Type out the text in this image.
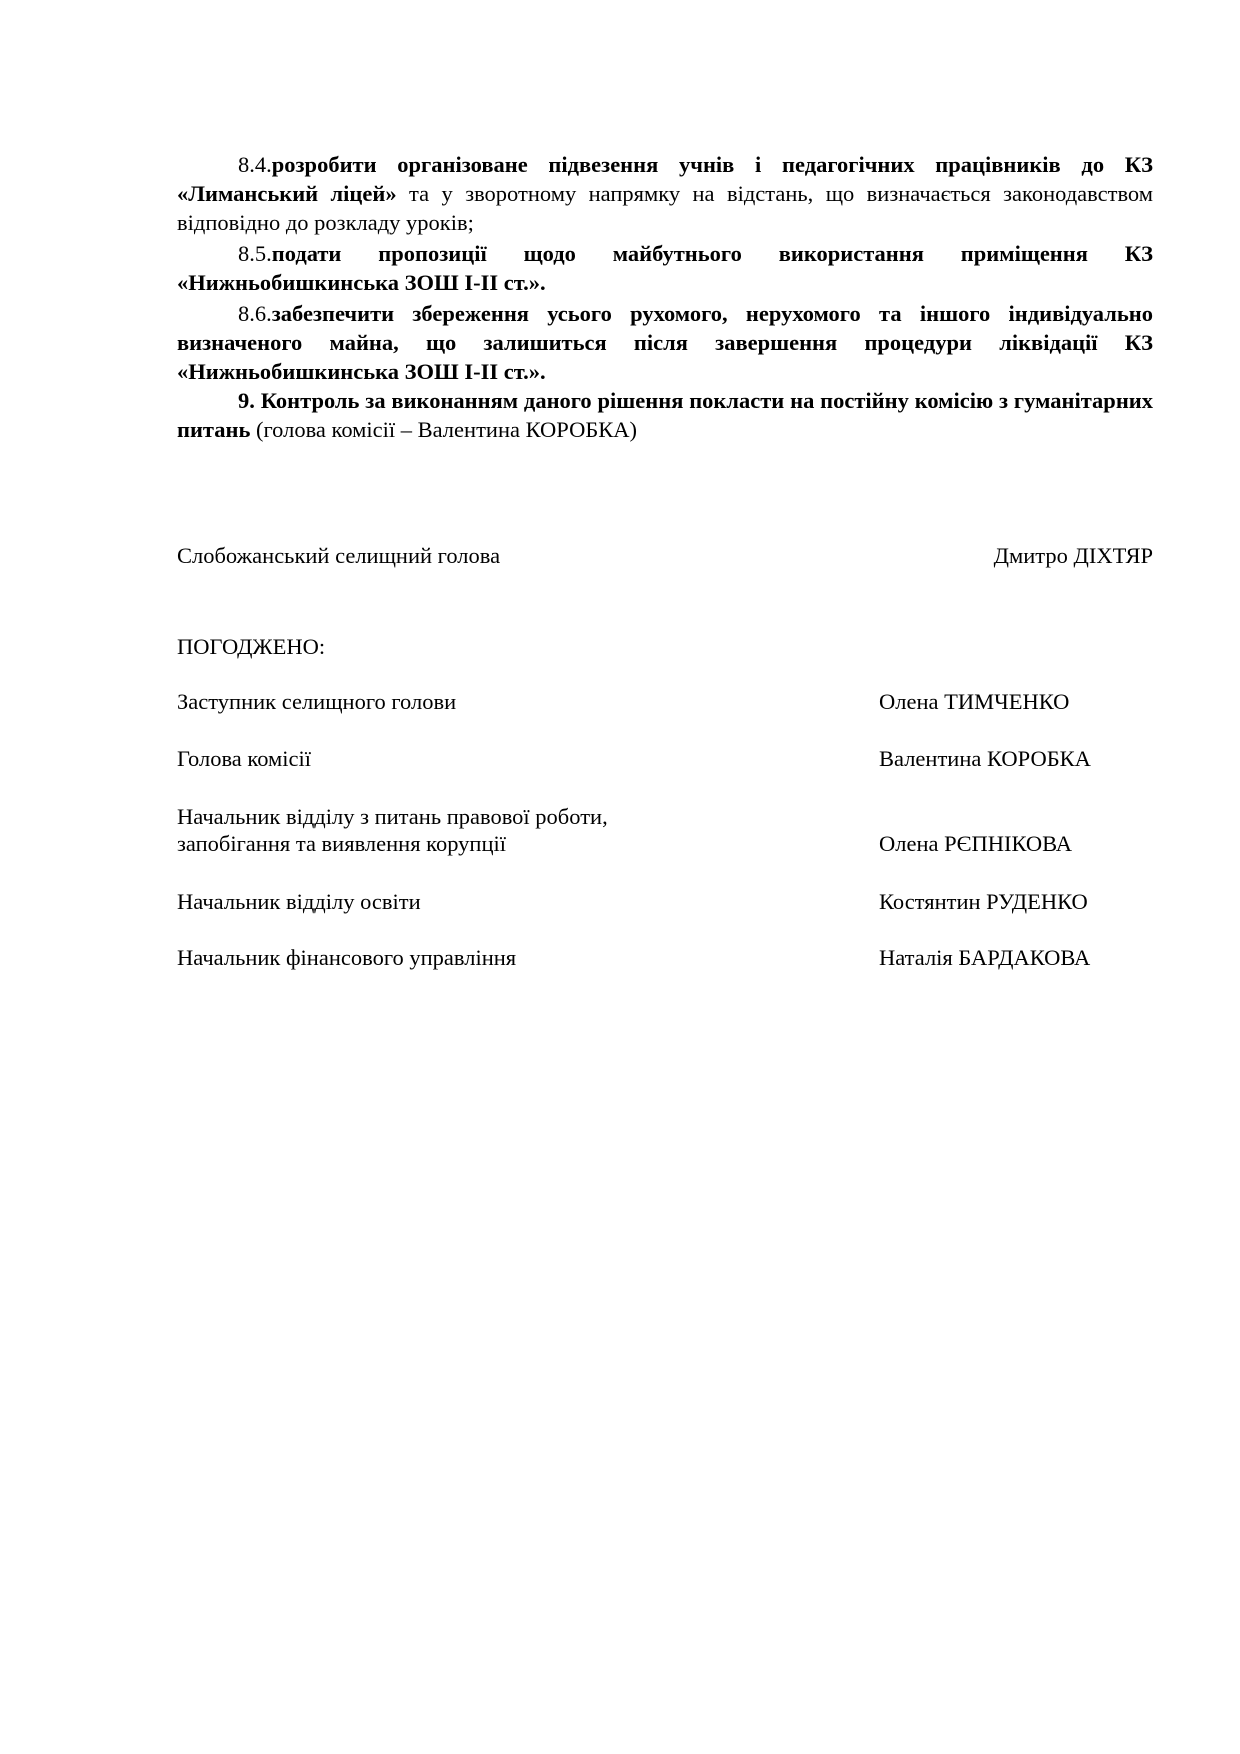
8.4.розробити організоване підвезення учнів і педагогічних працівників до КЗ «Лиманський ліцей» та у зворотному напрямку на відстань, що визначається законодавством відповідно до розкладу уроків;

8.5.подати пропозиції щодо майбутнього використання приміщення КЗ «Нижньобишкинська ЗОШ І-ІІ ст.».

8.6.забезпечити збереження усього рухомого, нерухомого та іншого індивідуально визначеного майна, що залишиться після завершення процедури ліквідації КЗ «Нижньобишкинська ЗОШ І-ІІ ст.».

9. Контроль за виконанням даного рішення покласти на постійну комісію з гуманітарних питань (голова комісії – Валентина КОРОБКА)

Слобожанський селищний голова	Дмитро ДІХТЯР
ПОГОДЖЕНО:
Заступник селищного голови	Олена ТИМЧЕНКО
Голова комісії	Валентина КОРОБКА
Начальник відділу з питань правової роботи,
запобігання та виявлення корупції	Олена РЄПНІКОВА
Начальник відділу освіти	Костянтин РУДЕНКО
Начальник фінансового управління	Наталія БАРДАКОВА
